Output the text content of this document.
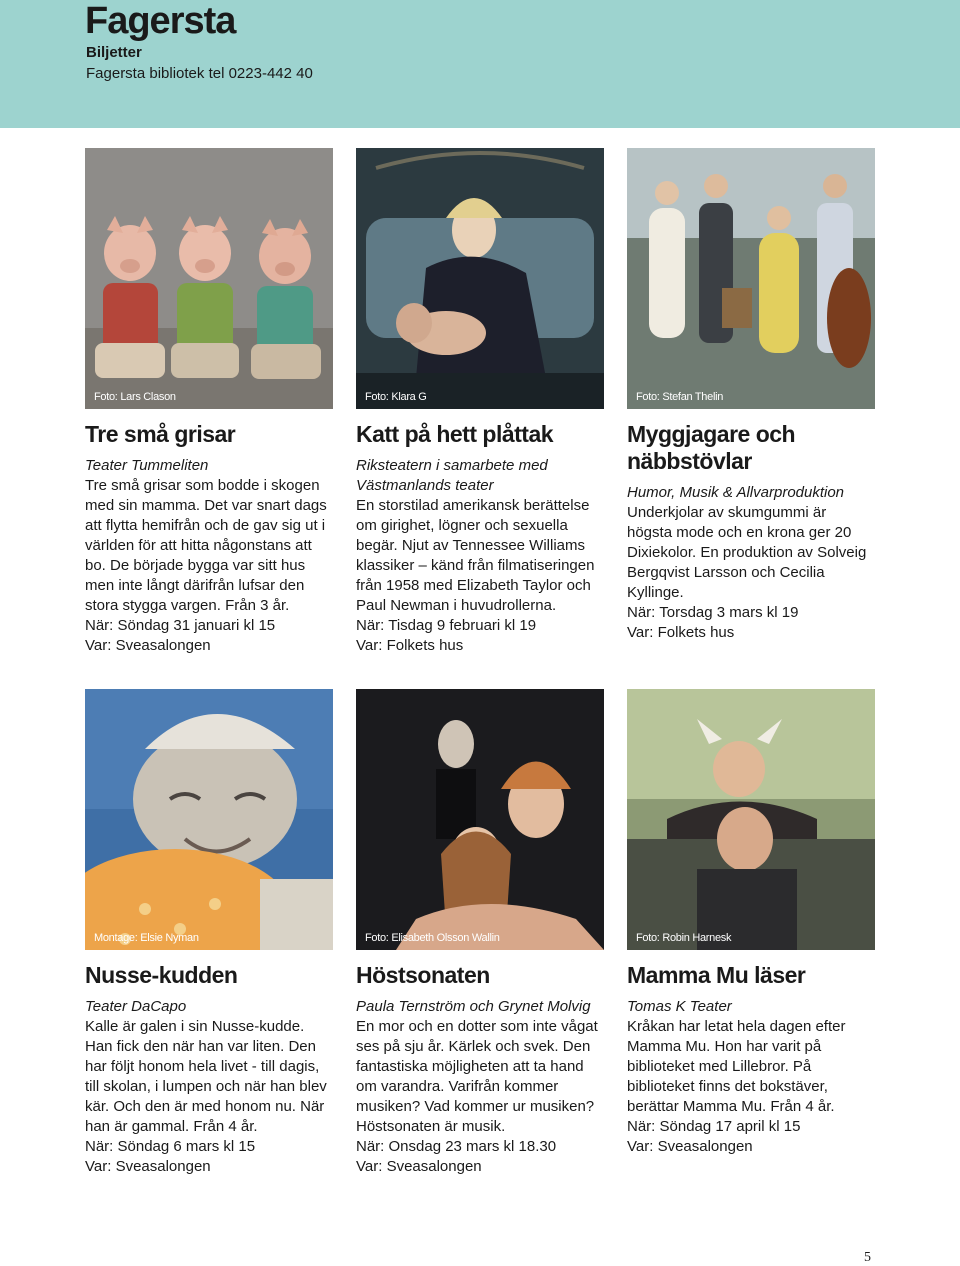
Fagersta
Biljetter
Fagersta bibliotek tel 0223-442 40
Foto: Lars Clason
Tre små grisar
Teater Tummeliten
Tre små grisar som bodde i skogen med sin mamma. Det var snart dags att flytta hemifrån och de gav sig ut i världen för att hitta någonstans att bo. De började bygga var sitt hus men inte långt därifrån lufsar den stora stygga vargen. Från 3 år.
När: Söndag 31 januari kl 15
Var: Sveasalongen
Foto: Klara G
Katt på hett plåttak
Riksteatern i samarbete med Västmanlands teater
En storstilad amerikansk berättelse om girighet, lögner och sexuella begär. Njut av Tennessee Williams klassiker – känd från filmatiseringen från 1958 med Elizabeth Taylor och Paul Newman i huvudrollerna.
När: Tisdag 9 februari kl 19
Var: Folkets hus
Foto: Stefan Thelin
Myggjagare och näbbstövlar
Humor, Musik & Allvarproduktion
Underkjolar av skumgummi är högsta mode och en krona ger 20 Dixiekolor. En produktion av Solveig Bergqvist Larsson och Cecilia Kyllinge.
När: Torsdag 3 mars kl 19
Var: Folkets hus
Montage: Elsie Nyman
Nusse-kudden
Teater DaCapo
Kalle är galen i sin Nusse-kudde. Han fick den när han var liten. Den har följt honom hela livet - till dagis, till skolan, i lumpen och när han blev kär. Och den är med honom nu. När han är gammal. Från 4 år.
När: Söndag 6 mars kl 15
Var: Sveasalongen
Foto: Elisabeth Olsson Wallin
Höstsonaten
Paula Ternström och Grynet Molvig
En mor och en dotter som inte vågat ses på sju år. Kärlek och svek. Den fantastiska möjligheten att ta hand om varandra. Varifrån kommer musiken? Vad kommer ur musiken? Höstsonaten är musik.
När: Onsdag 23 mars kl 18.30
Var: Sveasalongen
Foto: Robin Harnesk
Mamma Mu läser
Tomas K Teater
Kråkan har letat hela dagen efter Mamma Mu. Hon har varit på biblioteket med Lillebror. På biblioteket finns det bokstäver, berättar Mamma Mu. Från 4 år.
När: Söndag 17 april kl 15
Var: Sveasalongen
5
